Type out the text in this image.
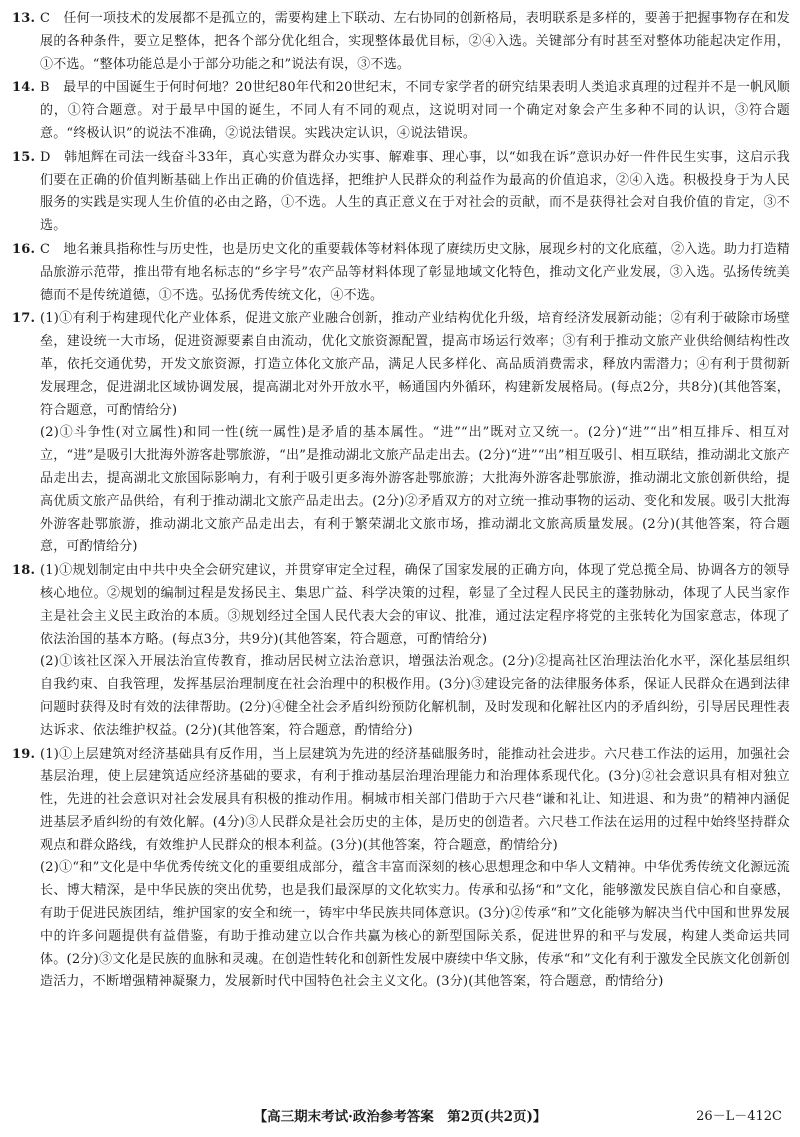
13. C　任何一项技术的发展都不是孤立的，需要构建上下联动、左右协同的创新格局，表明联系是多样的，要善于把握事物存在和发展的各种条件，要立足整体，把各个部分优化组合，实现整体最优目标，②④入选。关键部分有时甚至对整体功能起决定作用，①不选。“整体功能总是小于部分功能之和”说法有误，③不选。

14. B　最早的中国诞生于何时何地？20世纪80年代和20世纪末，不同专家学者的研究结果表明人类追求真理的过程并不是一帆风顺的，①符合题意。对于最早中国的诞生，不同人有不同的观点，这说明对同一个确定对象会产生多种不同的认识，③符合题意。“终极认识”的说法不准确，②说法错误。实践决定认识，④说法错误。

15. D　韩旭辉在司法一线奋斗33年，真心实意为群众办实事、解难事、理心事，以“如我在诉”意识办好一件件民生实事，这启示我们要在正确的价值判断基础上作出正确的价值选择，把维护人民群众的利益作为最高的价值追求，②④入选。积极投身于为人民服务的实践是实现人生价值的必由之路，①不选。人生的真正意义在于对社会的贡献，而不是获得社会对自我价值的肯定，③不选。

16. C　地名兼具指称性与历史性，也是历史文化的重要载体等材料体现了赓续历史文脉，展现乡村的文化底蕴，②入选。助力打造精品旅游示范带，推出带有地名标志的“乡字号”农产品等材料体现了彰显地域文化特色，推动文化产业发展，③入选。弘扬传统美德而不是传统道德，①不选。弘扬优秀传统文化，④不选。

17. (1)①有利于构建现代化产业体系，促进文旅产业融合创新，推动产业结构优化升级，培育经济发展新动能；②有利于破除市场壁垒，建设统一大市场，促进资源要素自由流动，优化文旅资源配置，提高市场运行效率；③有利于推动文旅产业供给侧结构性改革，依托交通优势，开发文旅资源，打造立体化文旅产品，满足人民多样化、高品质消费需求，释放内需潜力；④有利于贯彻新发展理念，促进湖北区域协调发展，提高湖北对外开放水平，畅通国内外循环，构建新发展格局。(每点2分，共8分)(其他答案，符合题意，可酌情给分)

(2)①斗争性(对立属性)和同一性(统一属性)是矛盾的基本属性。“进”“出”既对立又统一。(2分)“进”“出”相互排斥、相互对立，“进”是吸引大批海外游客赴鄂旅游，“出”是推动湖北文旅产品走出去。(2分)“进”“出”相互吸引、相互联结，推动湖北文旅产品走出去，提高湖北文旅国际影响力，有利于吸引更多海外游客赴鄂旅游；大批海外游客赴鄂旅游，推动湖北文旅创新供给，提高优质文旅产品供给，有利于推动湖北文旅产品走出去。(2分)②矛盾双方的对立统一推动事物的运动、变化和发展。吸引大批海外游客赴鄂旅游，推动湖北文旅产品走出去，有利于繁荣湖北文旅市场，推动湖北文旅高质量发展。(2分)(其他答案，符合题意，可酌情给分)

18. (1)①规划制定由中共中央全会研究建议，并贯穿审定全过程，确保了国家发展的正确方向，体现了党总揽全局、协调各方的领导核心地位。②规划的编制过程是发扬民主、集思广益、科学决策的过程，彰显了全过程人民民主的蓬勃脉动，体现了人民当家作主是社会主义民主政治的本质。③规划经过全国人民代表大会的审议、批准，通过法定程序将党的主张转化为国家意志，体现了依法治国的基本方略。(每点3分，共9分)(其他答案，符合题意，可酌情给分)

(2)①该社区深入开展法治宣传教育，推动居民树立法治意识，增强法治观念。(2分)②提高社区治理法治化水平，深化基层组织自我约束、自我管理，发挥基层治理制度在社会治理中的积极作用。(3分)③建设完备的法律服务体系，保证人民群众在遇到法律问题时获得及时有效的法律帮助。(2分)④健全社会矛盾纠纷预防化解机制，及时发现和化解社区内的矛盾纠纷，引导居民理性表达诉求、依法维护权益。(2分)(其他答案，符合题意，酌情给分)

19. (1)①上层建筑对经济基础具有反作用，当上层建筑为先进的经济基础服务时，能推动社会进步。六尺巷工作法的运用，加强社会基层治理，使上层建筑适应经济基础的要求，有利于推动基层治理治理能力和治理体系现代化。(3分)②社会意识具有相对独立性，先进的社会意识对社会发展具有积极的推动作用。桐城市相关部门借助于六尺巷“谦和礼让、知进退、和为贵”的精神内涵促进基层矛盾纠纷的有效化解。(4分)③人民群众是社会历史的主体，是历史的创造者。六尺巷工作法在运用的过程中始终坚持群众观点和群众路线，有效维护人民群众的根本利益。(3分)(其他答案，符合题意，酌情给分)

(2)①“和”文化是中华优秀传统文化的重要组成部分，蕴含丰富而深刻的核心思想理念和中华人文精神。中华优秀传统文化源远流长、博大精深，是中华民族的突出优势，也是我们最深厚的文化软实力。传承和弘扬“和”文化，能够激发民族自信心和自豪感，有助于促进民族团结，维护国家的安全和统一，铸牢中华民族共同体意识。(3分)②传承“和”文化能够为解决当代中国和世界发展中的许多问题提供有益借鉴，有助于推动建立以合作共赢为核心的新型国际关系，促进世界的和平与发展，构建人类命运共同体。(2分)③文化是民族的血脉和灵魂。在创造性转化和创新性发展中赓续中华文脉，传承“和”文化有利于激发全民族文化创新创造活力，不断增强精神凝聚力，发展新时代中国特色社会主义文化。(3分)(其他答案，符合题意，酌情给分)

【高三期末考试·政治参考答案　第2页(共2页)】	26－L－412C
